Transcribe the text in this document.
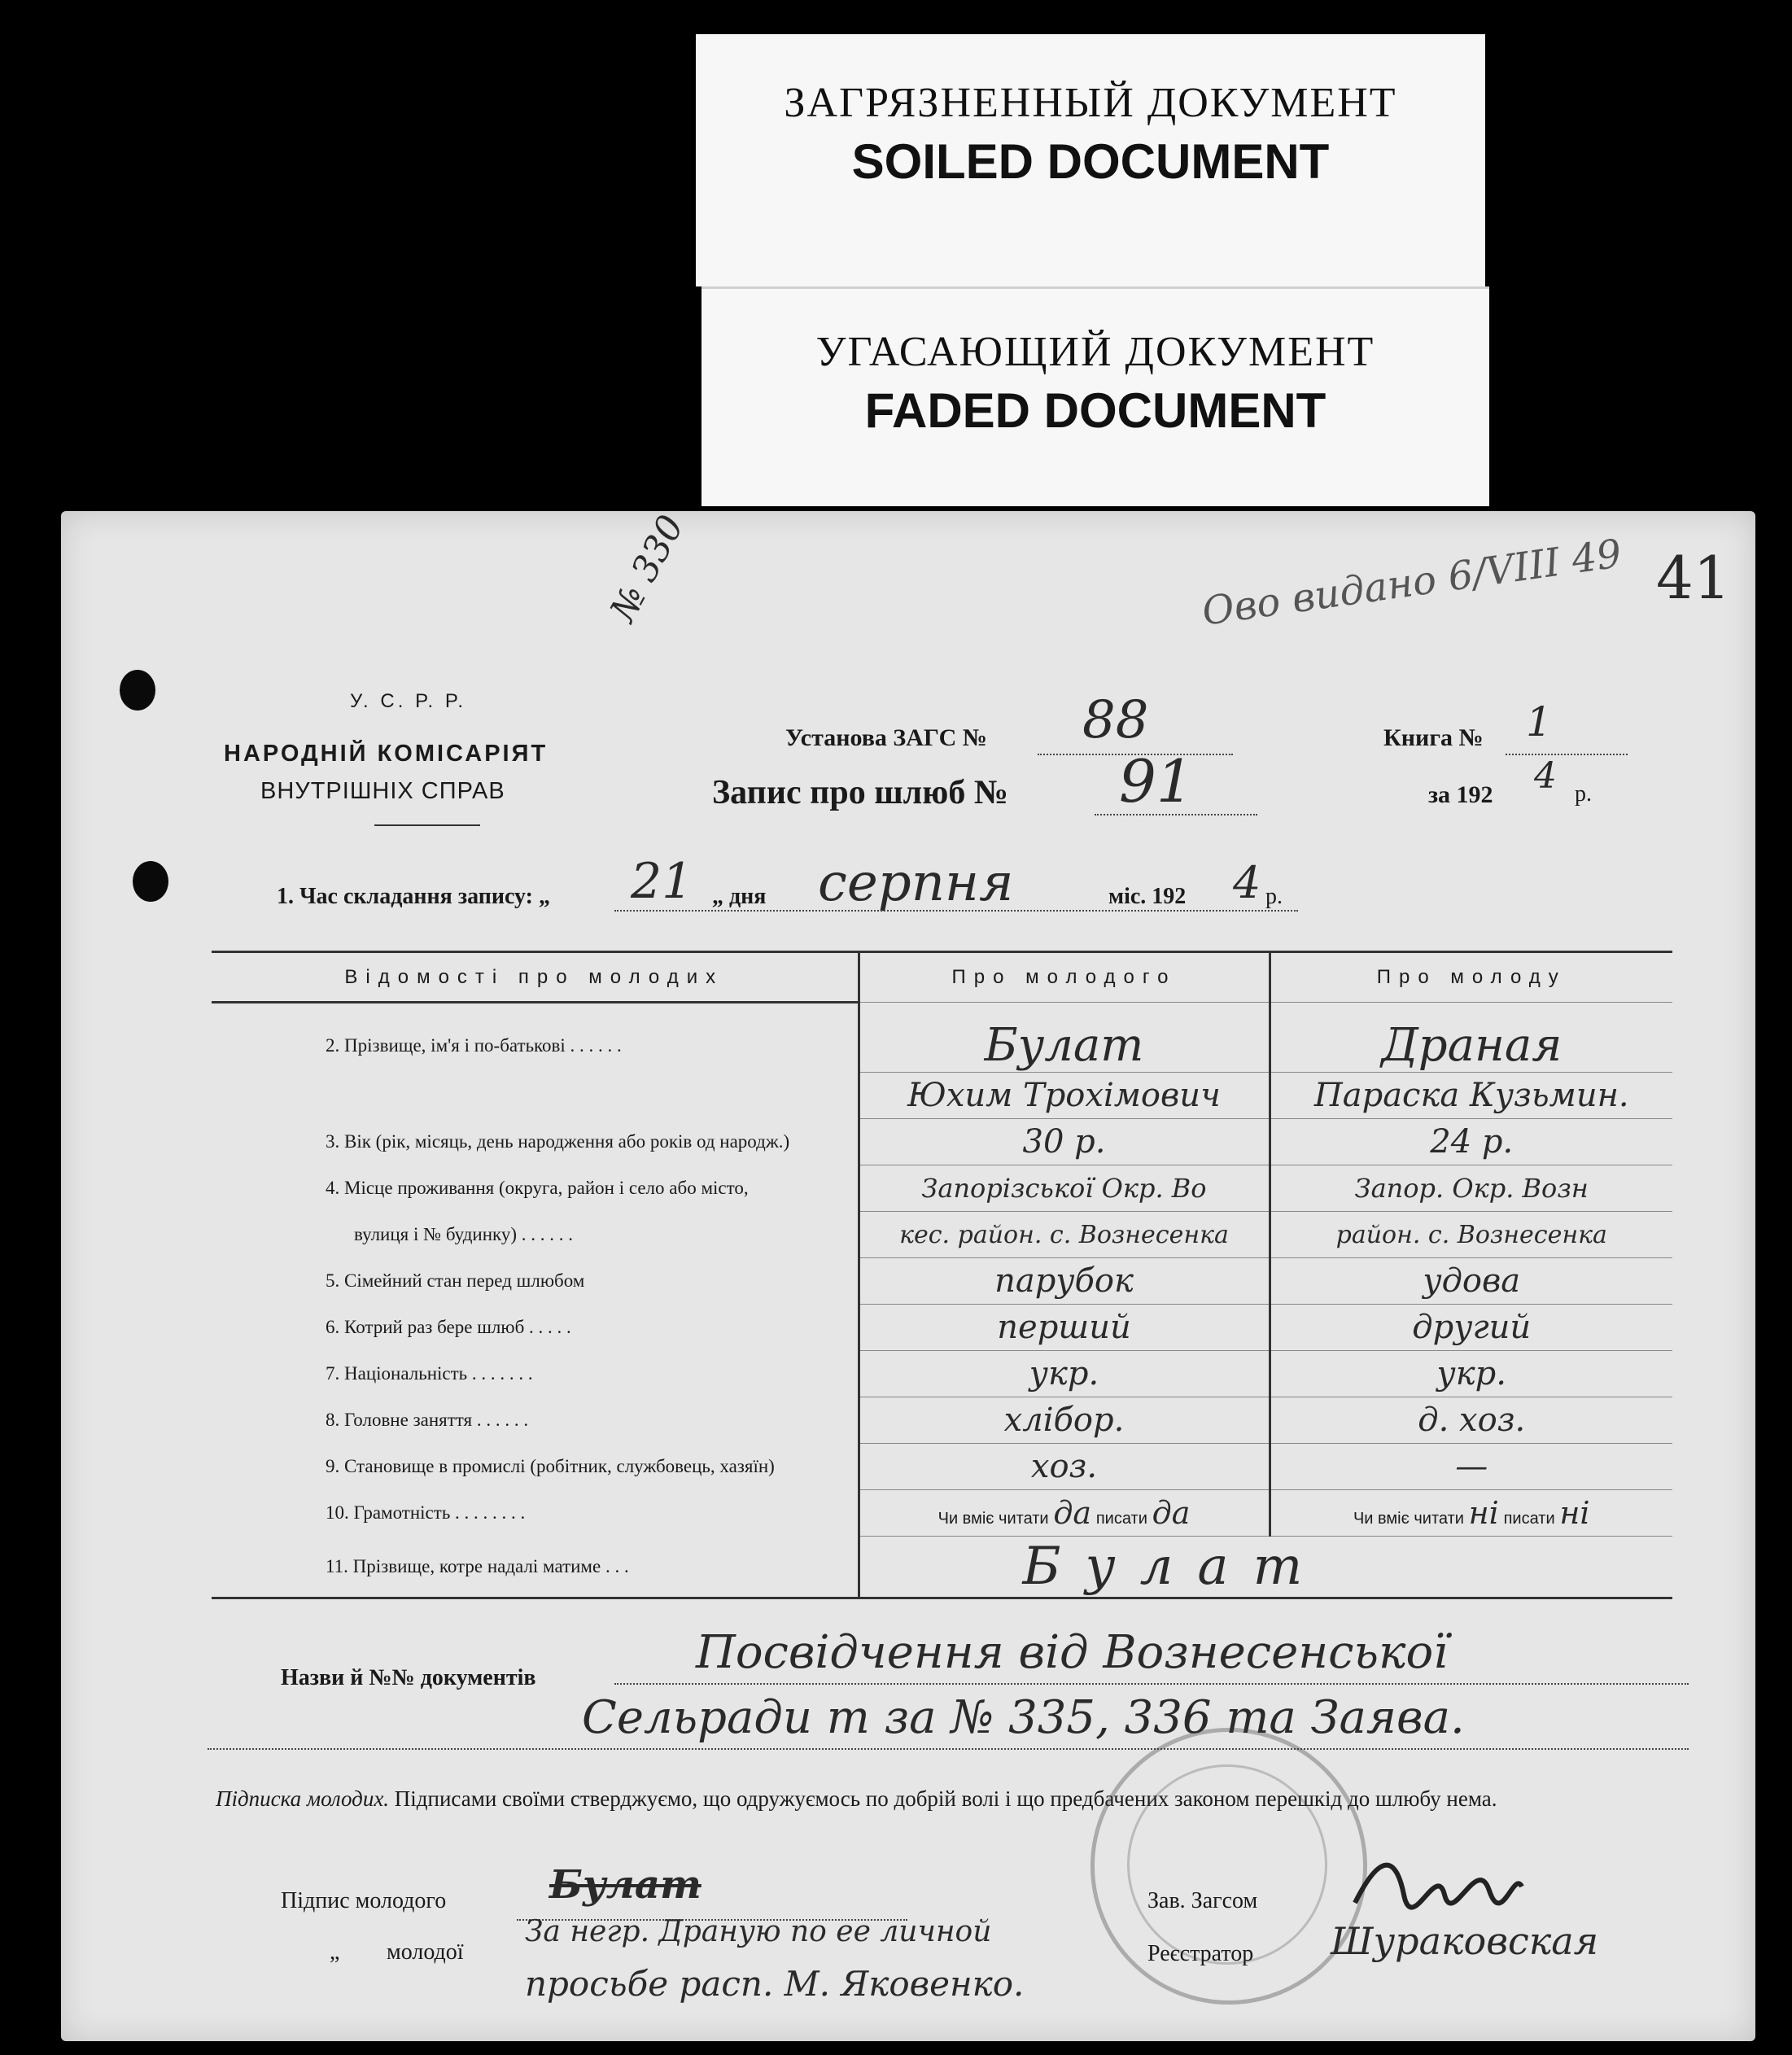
ЗАГРЯЗНЕННЫЙ ДОКУМЕНТ
SOILED DOCUMENT
УГАСАЮЩИЙ ДОКУМЕНТ
FADED DOCUMENT
41
№ 330	Ово видано 6/VIII 49
У. С. Р. Р.
НАРОДНІЙ КОМІСАРІЯТ
ВНУТРІШНІХ СПРАВ
Установа ЗАГС № 88	Книга № 1
Запис про шлюб № 91	за 192 4 р.
1. Час складання запису: „ 21 „ дня серпня	міс. 192 4 р.
Відомості про молодих	Про молодого	Про молоду

2. Прізвище, ім'я і по-батькові . . . . . .	Булат	Драная
	Юхим Трохімович	Параска Кузьмин.
3. Вік (рік, місяць, день народження або років од народж.)	30 р.	24 р.
4. Місце проживання (округа, район і село або місто,	Запорізської Окр. Во	Запор. Окр. Возн
вулиця і № будинку) . . . . . .	кес. район. с. Вознесенка	район. с. Вознесенка
5. Сімейний стан перед шлюбом	парубок	удова
6. Котрий раз бере шлюб . . . . .	перший	другий
7. Національність . . . . . . .	укр.	укр.
8. Головне заняття . . . . . .	хлібор.	д. хоз.
9. Становище в промислі (робітник, службовець, хазяїн)	хоз.	—
10. Грамотність . . . . . . . .	Чи вміє читати да писати да	Чи вміє читати ні писати ні
11. Прізвище, котре надалі матиме . . .	Булат	
Назви й №№ документів	Посвідчення від Вознесенської
Сельради т за № 335, 336 та Заява.
Підписка молодих. Підписами своїми стверджуємо, що одружуємось по добрій волі і що предбачених законом перешкід до шлюбу нема.
Підпис молодого	Булат
„ молодої
За негр. Драную по ее личной
просьбе расп. М. Яковенко.
Зав. Загсом
Реєстратор Шураковская
